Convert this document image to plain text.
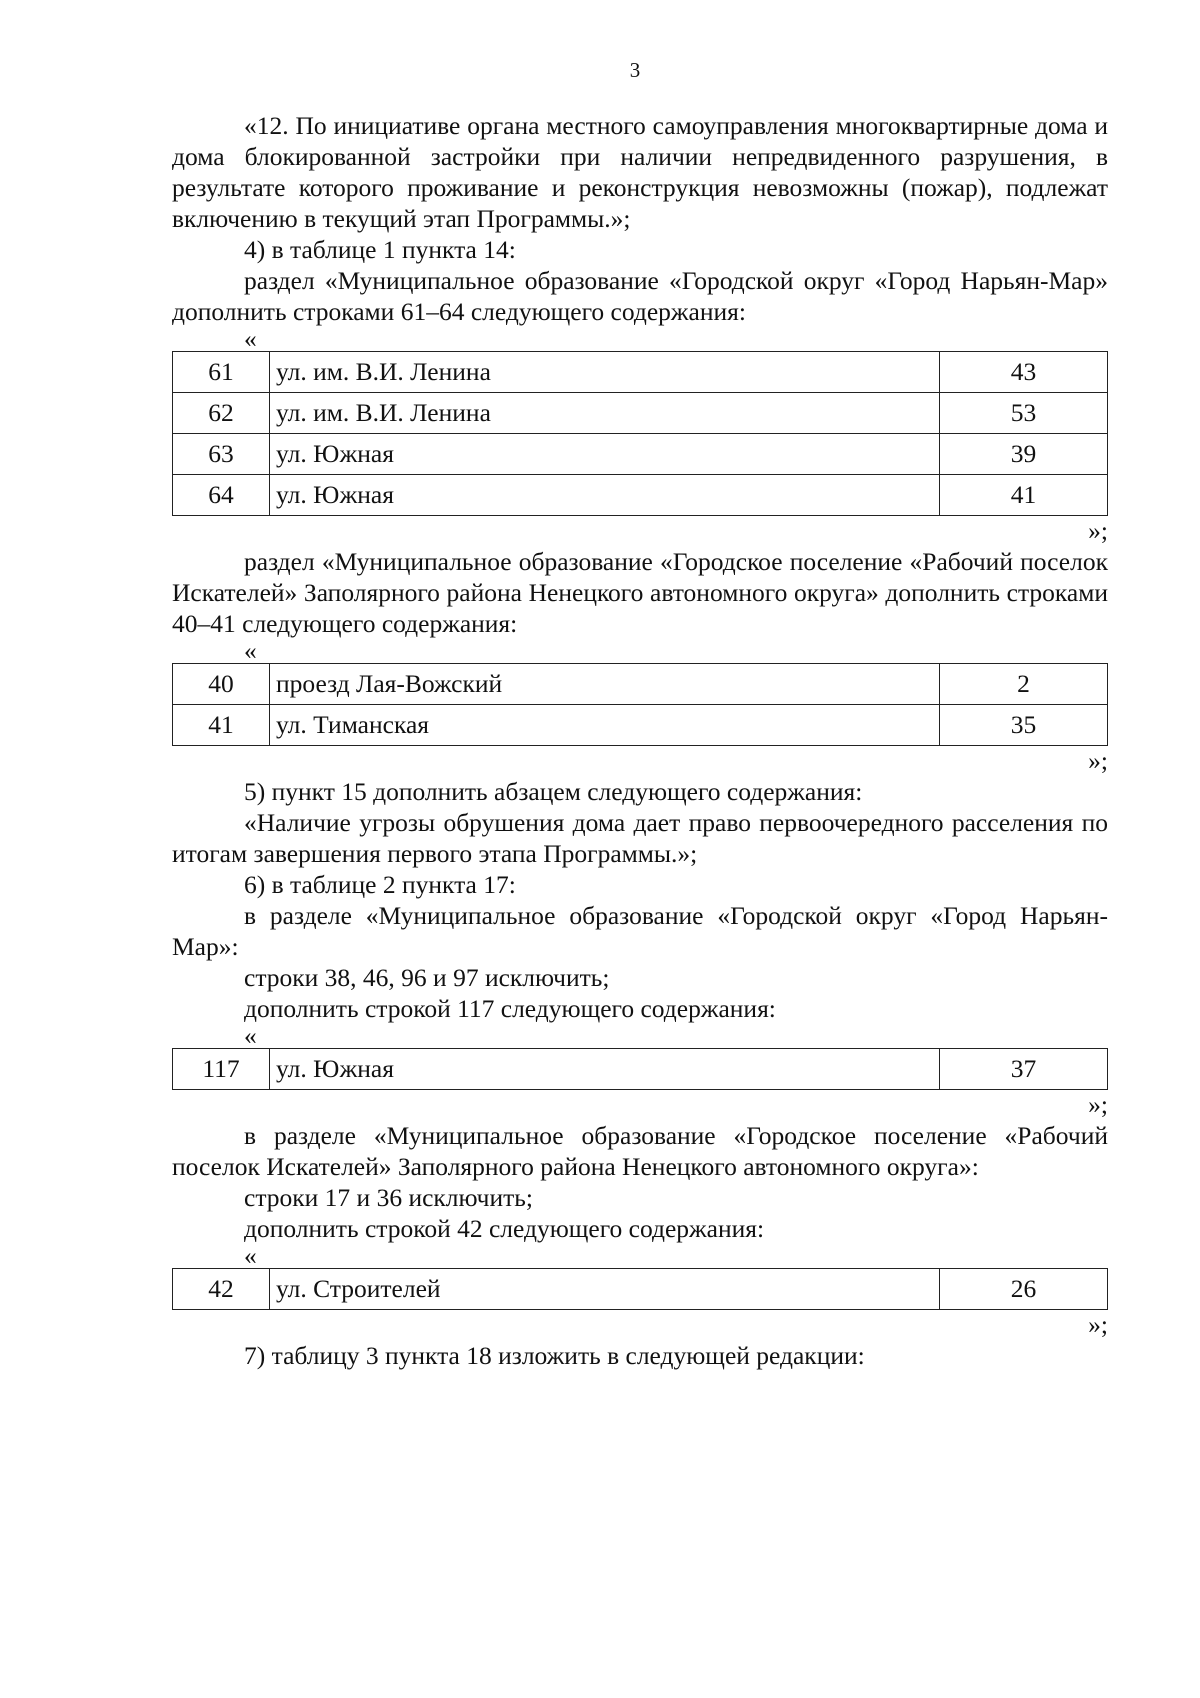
3

«12. По инициативе органа местного самоуправления многоквартирные дома и дома блокированной застройки при наличии непредвиденного разрушения, в результате которого проживание и реконструкция невозможны (пожар), подлежат включению в текущий этап Программы.»;

4) в таблице 1 пункта 14:

раздел «Муниципальное образование «Городской округ «Город Нарьян-Мар» дополнить строками 61–64 следующего содержания:

«

61	ул. им. В.И. Ленина	43
62	ул. им. В.И. Ленина	53
63	ул. Южная	39
64	ул. Южная	41

»;

раздел «Муниципальное образование «Городское поселение «Рабочий поселок Искателей» Заполярного района Ненецкого автономного округа» дополнить строками 40–41 следующего содержания:

«

40	проезд Лая-Вожский	2
41	ул. Тиманская	35

»;

5) пункт 15 дополнить абзацем следующего содержания:

«Наличие угрозы обрушения дома дает право первоочередного расселения по итогам завершения первого этапа Программы.»;

6) в таблице 2 пункта 17:

в разделе «Муниципальное образование «Городской округ «Город Нарьян-Мар»:

строки 38, 46, 96 и 97 исключить;

дополнить строкой 117 следующего содержания:

«

117	ул. Южная	37

»;

в разделе «Муниципальное образование «Городское поселение «Рабочий поселок Искателей» Заполярного района Ненецкого автономного округа»:

строки 17 и 36 исключить;

дополнить строкой 42 следующего содержания:

«

42	ул. Строителей	26

»;

7) таблицу 3 пункта 18 изложить в следующей редакции:
